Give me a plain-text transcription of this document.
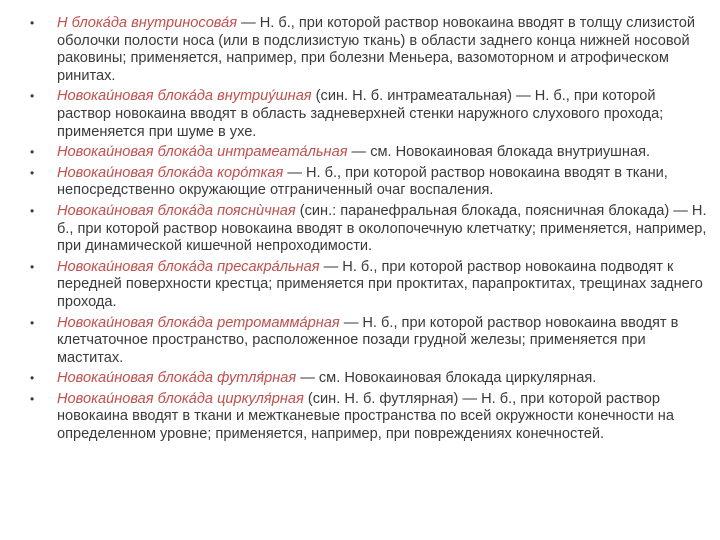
•	Н блока́да внутриносова́я — Н. б., при которой раствор новокаина вводят в толщу слизистой оболочки полости носа (или в подслизистую ткань) в области заднего конца нижней носовой раковины; применяется, например, при болезни Меньера, вазомоторном и атрофическом ринитах.
•	Новокаи́новая блока́да внутриу́шная (син. Н. б. интрамеатальная) — Н. б., при которой раствор новокаина вводят в область задневерхней стенки наружного слухового прохода; применяется при шуме в ухе.
•	Новокаи́новая блока́да интрамеата́льная — см. Новокаиновая блокада внутриушная.
•	Новокаи́новая блока́да коро́ткая — Н. б., при которой раствор новокаина вводят в ткани, непосредственно окружающие отграниченный очаг воспаления.
•	Новокаи́новая блока́да пояснѝчная (син.: паранефральная блокада, поясничная блокада) — Н. б., при которой раствор новокаина вводят в околопочечную клетчатку; применяется, например, при динамической кишечной непроходимости.
•	Новокаи́новая блока́да пресакра́льная — Н. б., при которой раствор новокаина подводят к передней поверхности крестца; применяется при проктитах, парапроктитах, трещинах заднего прохода.
•	Новокаи́новая блока́да ретромамма́рная — Н. б., при которой раствор новокаина вводят в клетчаточное пространство, расположенное позади грудной железы; применяется при маститах.
•	Новокаи́новая блока́да футля́рная — см. Новокаиновая блокада циркулярная.
•	Новокаи́новая блока́да циркуля́рная (син. Н. б. футлярная) — Н. б., при которой раствор новокаина вводят в ткани и межтканевые пространства по всей окружности конечности на определенном уровне; применяется, например, при повреждениях конечностей.
